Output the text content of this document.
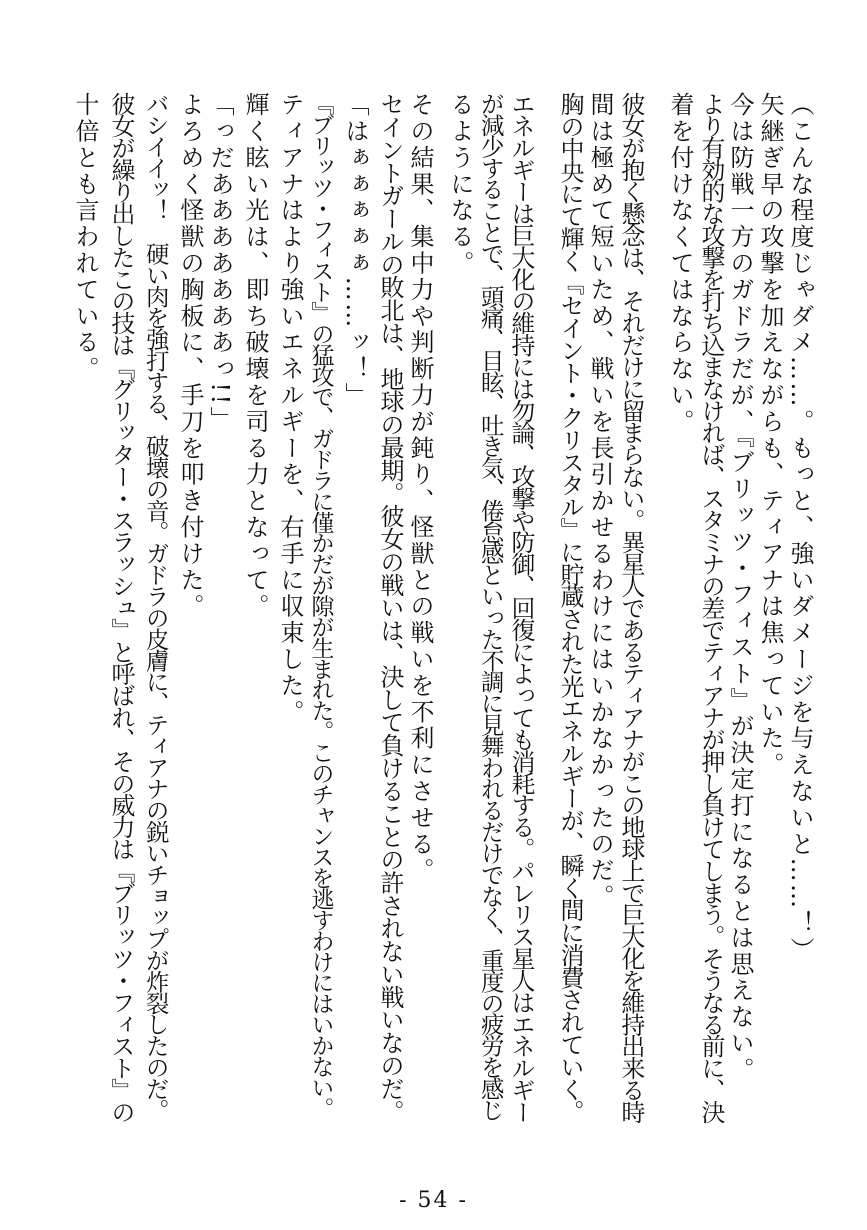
（こんな程度じゃダメ……。もっと、強いダメージを与えないと……！）
矢継ぎ早の攻撃を加えながらも、ティアナは焦っていた。
今は防戦一方のガドラだが、『ブリッツ・フィスト』が決定打になるとは思えない。
より有効的な攻撃を打ち込まなければ、スタミナの差でティアナが押し負けてしまう。そうなる前に、決
着を付けなくてはならない。
彼女が抱く懸念は、それだけに留まらない。異星人であるティアナがこの地球上で巨大化を維持出来る時
間は極めて短いため、戦いを長引かせるわけにはいかなかったのだ。
胸の中央にて輝く『セイント・クリスタル』に貯蔵された光エネルギーが、瞬く間に消費されていく。
エネルギーは巨大化の維持には勿論、攻撃や防御、回復によっても消耗する。パレリス星人はエネルギー
が減少することで、頭痛、目眩、吐き気、倦怠感といった不調に見舞われるだけでなく、重度の疲労を感じ
るようになる。
その結果、集中力や判断力が鈍り、怪獣との戦いを不利にさせる。
セイントガールの敗北は、地球の最期。彼女の戦いは、決して負けることの許されない戦いなのだ。
「はぁぁぁぁぁ……ッ！」
『ブリッツ・フィスト』の猛攻で、ガドラに僅かだが隙が生まれた。このチャンスを逃すわけにはいかない。
ティアナはより強いエネルギーを、右手に収束した。
輝く眩い光は、即ち破壊を司る力となって。
「っだあああああああっ!!」
よろめく怪獣の胸板に、手刀を叩き付けた。
バシイイッ！　硬い肉を強打する、破壊の音。ガドラの皮膚に、ティアナの鋭いチョップが炸裂したのだ。
彼女が繰り出したこの技は『グリッター・スラッシュ』と呼ばれ、その威力は『ブリッツ・フィスト』の
十倍とも言われている。
- 54 -
